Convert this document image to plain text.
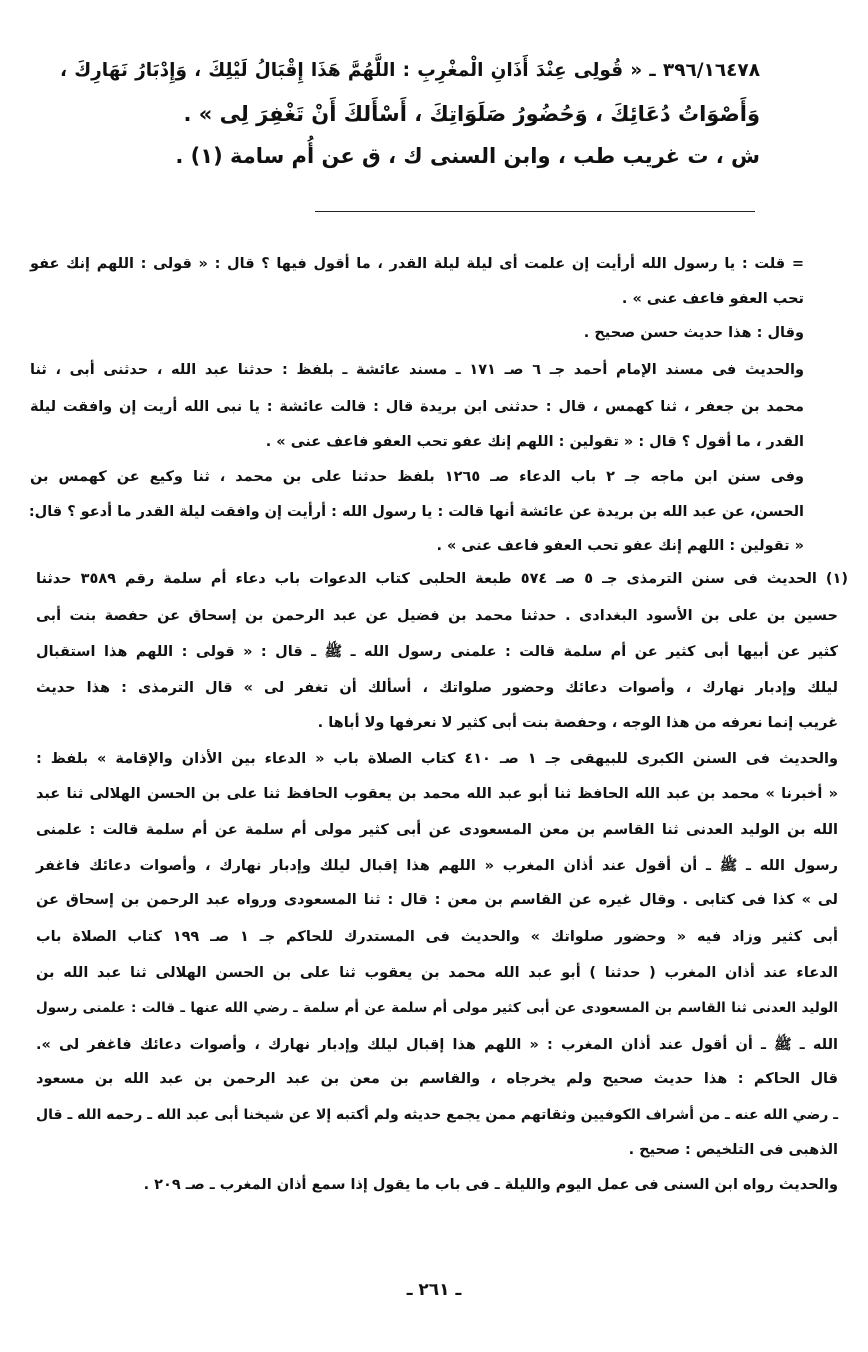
٣٩٦/١٦٤٧٨ ـ « قُولِى عِنْدَ أَذَانِ الْمغْرِبِ : اللَّهُمَّ هَذَا إِقْبَالُ لَيْلِكَ ، وَإِدْبَارُ نَهَارِكَ ،
وَأَصْوَاتُ دُعَائِكَ ، وَحُضُورُ صَلَوَاتِكَ ، أَسْأَلكَ أَنْ تَغْفِرَ لِى » .
ش ، ت غريب طب ، وابن السنى ك ، ق عن أُم سامة (١) .
= قلت : يا رسول الله أرأيت إن علمت أى ليلة ليلة القدر ، ما أقول فيها ؟ قال : « قولى : اللهم إنك عفو
تحب العفو فاعف عنى » .
وقال : هذا حديث حسن صحيح .
والحديث فى مسند الإمام أحمد جـ ٦ صـ ١٧١ ـ مسند عائشة ـ بلفظ : حدثنا عبد الله ، حدثنى أبى ، ثنا
محمد بن جعفر ، ثنا كهمس ، قال : حدثنى ابن بريدة قال : قالت عائشة : يا نبى الله أريت إن وافقت ليلة
القدر ، ما أقول ؟ قال : « تقولين : اللهم إنك عفو تحب العفو فاعف عنى » .
وفى سنن ابن ماجه جـ ٢ باب الدعاء صـ ١٢٦٥ بلفظ حدثنا على بن محمد ، ثنا وكيع عن كهمس بن
الحسن، عن عبد الله بن بريدة عن عائشة أنها قالت : يا رسول الله : أرأيت إن وافقت ليلة القدر ما أدعو ؟ قال:
« تقولين : اللهم إنك عفو تحب العفو فاعف عنى » .
(١) الحديث فى سنن الترمذى جـ ٥ صـ ٥٧٤ طبعة الحلبى كتاب الدعوات باب دعاء أم سلمة رقم ٣٥٨٩ حدثنا
حسين بن على بن الأسود البغدادى . حدثنا محمد بن فضيل عن عبد الرحمن بن إسحاق عن حفصة بنت أبى
كثير عن أبيها أبى كثير عن أم سلمة قالت : علمنى رسول الله ـ ﷺ ـ قال : « قولى : اللهم هذا استقبال
ليلك وإدبار نهارك ، وأصوات دعائك وحضور صلواتك ، أسألك أن تغفر لى » قال الترمذى : هذا حديث
غريب إنما نعرفه من هذا الوجه ، وحفصة بنت أبى كثير لا نعرفها ولا أباها .
والحديث فى السنن الكبرى للبيهقى جـ ١ صـ ٤١٠ كتاب الصلاة باب « الدعاء بين الأذان والإقامة » بلفظ :
« أخبرنا » محمد بن عبد الله الحافظ ثنا أبو عبد الله محمد بن يعقوب الحافظ ثنا على بن الحسن الهلالى ثنا عبد
الله بن الوليد العدنى ثنا القاسم بن معن المسعودى عن أبى كثير مولى أم سلمة عن أم سلمة قالت : علمنى
رسول الله ـ ﷺ ـ أن أقول عند أذان المغرب « اللهم هذا إقبال ليلك وإدبار نهارك ، وأصوات دعائك فاغفر
لى » كذا فى كتابى . وقال غيره عن القاسم بن معن : قال : ثنا المسعودى ورواه عبد الرحمن بن إسحاق عن
أبى كثير وزاد فيه « وحضور صلواتك » والحديث فى المستدرك للحاكم جـ ١ صـ ١٩٩ كتاب الصلاة باب
الدعاء عند أذان المغرب ( حدثنا ) أبو عبد الله محمد بن يعقوب ثنا على بن الحسن الهلالى ثنا عبد الله بن
الوليد العدنى ثنا القاسم بن المسعودى عن أبى كثير مولى أم سلمة عن أم سلمة ـ رضي الله عنها ـ قالت : علمنى رسول
الله ـ ﷺ ـ أن أقول عند أذان المغرب : « اللهم هذا إقبال ليلك وإدبار نهارك ، وأصوات دعائك فاغفر لى ».
قال الحاكم : هذا حديث صحيح ولم يخرجاه ، والقاسم بن معن بن عبد الرحمن بن عبد الله بن مسعود
ـ رضي الله عنه ـ من أشراف الكوفيين وثقاتهم ممن يجمع حديثه ولم أكتبه إلا عن شيخنا أبى عبد الله ـ رحمه الله ـ قال
الذهبى فى التلخيص : صحيح .
والحديث رواه ابن السنى فى عمل اليوم والليلة ـ فى باب ما يقول إذا سمع أذان المغرب ـ صـ ٢٠٩ .
ـ ٢٦١ ـ
